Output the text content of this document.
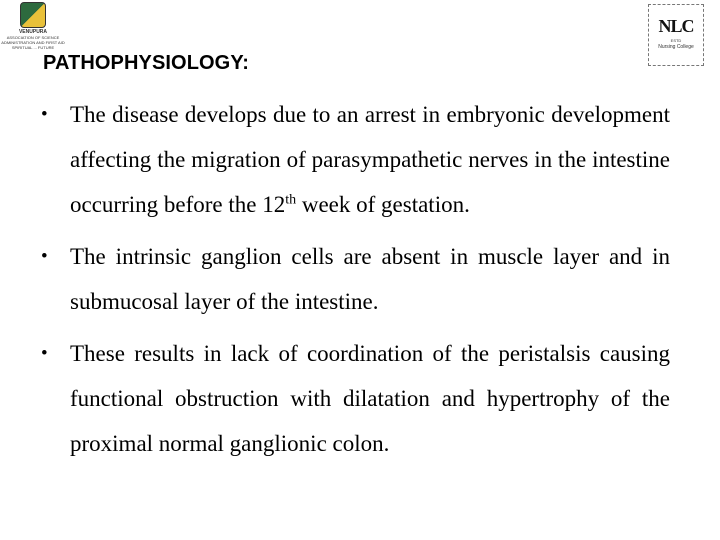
VENUPURA
ASSOCIATION OF SCIENCE
ADMINISTRATION AND FIRST AID
SPIRITUAL ... FUTURE
NLC
ESTD
Nursing College
PATHOPHYSIOLOGY:
• The disease develops due to an arrest in embryonic development affecting the migration of parasympathetic nerves in the intestine occurring before the 12th week of gestation.
• The intrinsic ganglion cells are absent in muscle layer and in submucosal layer of the intestine.
• These results in lack of coordination of the peristalsis causing functional obstruction with dilatation and hypertrophy of the proximal normal ganglionic colon.
